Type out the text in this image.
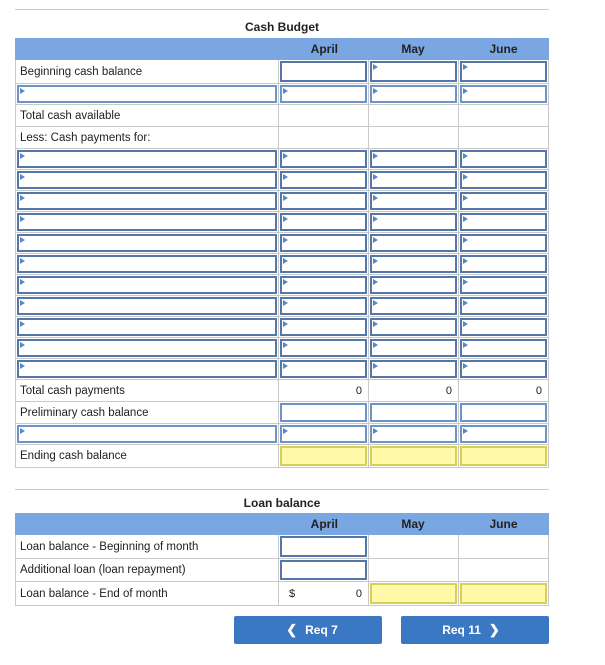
Cash Budget
April	May	June
Beginning cash balance
Total cash available
Less: Cash payments for:
Total cash payments	0	0	0
Preliminary cash balance
Ending cash balance
Loan balance
April	May	June
Loan balance - Beginning of month
Additional loan (loan repayment)
Loan balance - End of month	$	0
❮ Req 7	Req 11 ❯
